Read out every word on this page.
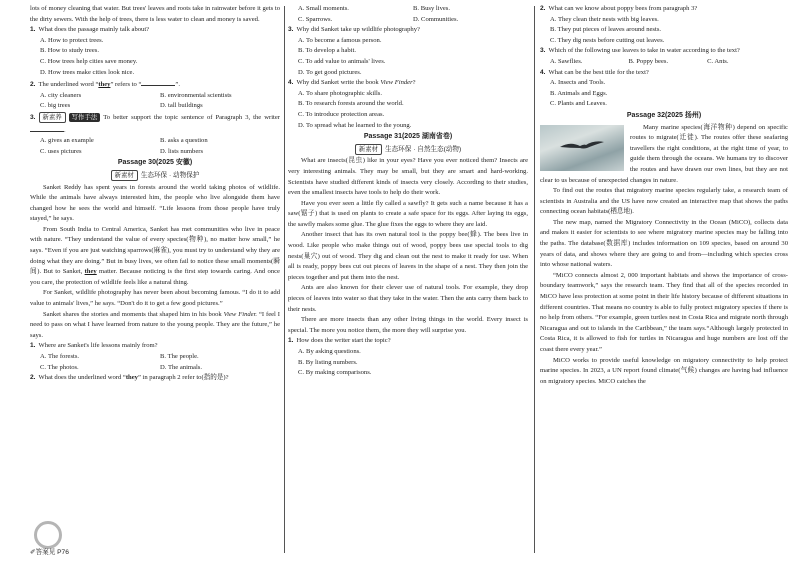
lots of money cleaning that water. But trees' leaves and roots take in rainwater before it gets to the dirty sewers. With the help of trees, there is less water to clean and money is saved.

1. What does the passage mainly talk about?
A. How to protect trees.
B. How to study trees.
C. How trees help cities save money.
D. How trees make cities look nice.
2. The underlined word “they” refers to “	”.
A. city cleaners	B. environmental scientists
C. big trees	D. tall buildings

3. 新素养 写作手法 To better support the topic sentence of Paragraph 3, the writer .

A. gives an example	B. asks a question
C. uses pictures	D. lists numbers
Passage 30(2025 安徽)
新素材 生态环保 · 动物保护

Sanket Reddy has spent years in forests around the world taking photos of wildlife. While the animals have always interested him, the people who live alongside them have changed how he sees the world and himself. “Life lessons from those people have truly stayed,” he says.

From South India to Central America, Sanket has met communities who live in peace with nature. “They understand the value of every species(物种), no matter how small,” he says. “Even if you are just watching sparrows(麻雀), you must try to understand why they are doing what they are doing.” But in busy lives, we often fail to notice these small moments(瞬间). But to Sanket, they matter. Because noticing is the first step towards caring. And once you care, the protection of wildlife feels like a natural thing.

For Sanket, wildlife photography has never been about becoming famous. “I do it to add value to animals' lives,” he says. “Don't do it to get a few good pictures.”

Sanket shares the stories and moments that shaped him in his book View Finder. “I feel I need to pass on what I have learned from nature to the young people. They are the future,” he says.

1. Where are Sanket's life lessons mainly from?
A. The forests.	B. The people.
C. The photos.	D. The animals.
2. What does the underlined word “they” in paragraph 2 refer to(指的是)?
✐答案见 P76
A. Small moments.	B. Busy lives.
C. Sparrows.	D. Communities.
3. Why did Sanket take up wildlife photography?
A. To become a famous person.
B. To develop a habit.
C. To add value to animals' lives.
D. To get good pictures.
4. Why did Sanket write the book View Finder?
A. To share photographic skills.
B. To research forests around the world.
C. To introduce protection areas.
D. To spread what he learned to the young.
Passage 31(2025 湖南省卷)
新素材 生态环保 · 自然生态(动物)

What are insects(昆虫) like in your eyes? Have you ever noticed them? Insects are very interesting animals. They may be small, but they are smart and hard-working. Scientists have studied different kinds of insects very closely. According to their studies, even the smallest insects have tools to help do their work.

Have you ever seen a little fly called a sawfly? It gets such a name because it has a saw(锯子) that is used on plants to create a safe space for its eggs. After laying its eggs, the sawfly makes some glue. The glue fixes the eggs to where they are laid.

Another insect that has its own natural tool is the poppy bee(蜂). The bees live in wood. Like people who make things out of wood, poppy bees use special tools to dig nests(巢穴) out of wood. They dig and clean out the nest to make it ready for use. When all is ready, poppy bees cut out pieces of leaves in the shape of a nest. They then join the pieces together and put them into the nest.

Ants are also known for their clever use of natural tools. For example, they drop pieces of leaves into water so that they take in the water. Then the ants carry them back to their nests.

There are more insects than any other living things in the world. Every insect is special. The more you notice them, the more they will surprise you.

1. How does the writer start the topic?
A. By asking questions.
B. By listing numbers.
C. By making comparisons.
2. What can we know about poppy bees from paragraph 3?
A. They clean their nests with big leaves.
B. They put pieces of leaves around nests.
C. They dig nests before cutting out leaves.
3. Which of the following use leaves to take in water according to the text?
A. Sawflies.	B. Poppy bees.	C. Ants.
4. What can be the best title for the text?
A. Insects and Tools.
B. Animals and Eggs.
C. Plants and Leaves.
Passage 32(2025 扬州)

Many marine species(海洋物种) depend on specific routes to migrate(迁徙). The routes offer these seafaring travellers the right conditions, at the right time of year, to guide them through the oceans. We humans try to discover the routes and have drawn our own lines, but they are not clear to us because of unexpected changes in nature.

To find out the routes that migratory marine species regularly take, a research team of scientists in Australia and the US have now created an interactive map that shows the paths connecting ocean habitats(栖息地).

The new map, named the Migratory Connectivity in the Ocean (MiCO), collects data and makes it easier for scientists to see where migratory marine species may be falling into the paths. The database(数据库) includes information on 109 species, based on around 30 years of data, and shows where they are going to and from—including which species cross into whose national waters.

“MiCO connects almost 2, 000 important habitats and shows the importance of cross-boundary teamwork,” says the research team. They find that all of the species recorded in MiCO have less protection at some point in their life history because of different situations in different countries. That means no country is able to fully protect migratory species if there is no help from others. “For example, green turtles nest in Costa Rica and migrate north through Nicaragua and out to islands in the Caribbean,” the team says.“Although largely protected in Costa Rica, it is allowed to fish for turtles in Nicaragua and huge numbers are lost off the coast there every year.”

MiCO works to provide useful knowledge on migratory connectivity to help protect marine species. In 2023, a UN report found climate(气候) changes are having bad influence on migratory species. MiCO catches the
